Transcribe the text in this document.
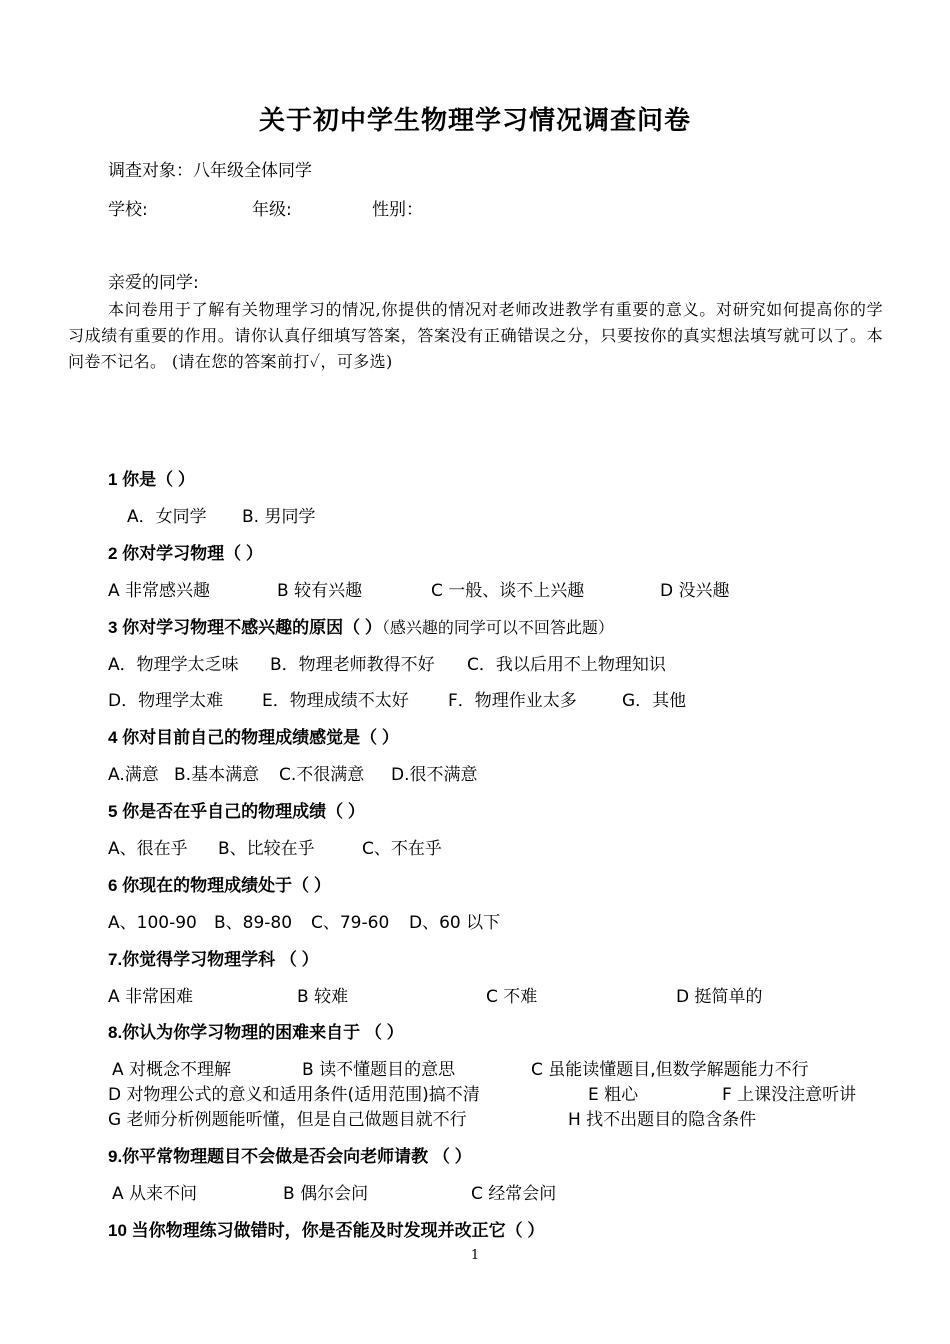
关于初中学生物理学习情况调查问卷
调查对象：八年级全体同学
学校:	年级:	性别：
亲爱的同学:
本问卷用于了解有关物理学习的情况,你提供的情况对老师改进教学有重要的意义。对研究如何提高你的学习成绩有重要的作用。请你认真仔细填写答案，答案没有正确错误之分，只要按你的真实想法填写就可以了。本问卷不记名。 (请在您的答案前打✓，可多选)
1 你是（ ）
A．女同学 B. 男同学
2 你对学习物理（ ）
A 非常感兴趣	B 较有兴趣	C 一般、谈不上兴趣	D 没兴趣
3 你对学习物理不感兴趣的原因（ ）（感兴趣的同学可以不回答此题）
A．物理学太乏味 B．物理老师教得不好 C．我以后用不上物理知识
D．物理学太难 E．物理成绩不太好 F．物理作业太多	G．其他
4 你对目前自己的物理成绩感觉是（ ）
A.满意 B.基本满意 C.不很满意 D.很不满意
5 你是否在乎自己的物理成绩（ ）
A、很在乎 B、比较在乎	C、不在乎
6 你现在的物理成绩处于（ ）
A、100-90 B、89-80 C、79-60 D、60 以下
7.你觉得学习物理学科 （ ）
A 非常困难	B 较难	C 不难	D 挺简单的
8.你认为你学习物理的困难来自于 （ ）
A 对概念不理解	B 读不懂题目的意思	C 虽能读懂题目,但数学解题能力不行
D 对物理公式的意义和适用条件(适用范围)搞不清	E 粗心	F 上课没注意听讲
G 老师分析例题能听懂，但是自己做题目就不行	H 找不出题目的隐含条件
9.你平常物理题目不会做是否会向老师请教 （ ）
A 从来不问	B 偶尔会问	C 经常会问
10 当你物理练习做错时，你是否能及时发现并改正它（ ）
1
